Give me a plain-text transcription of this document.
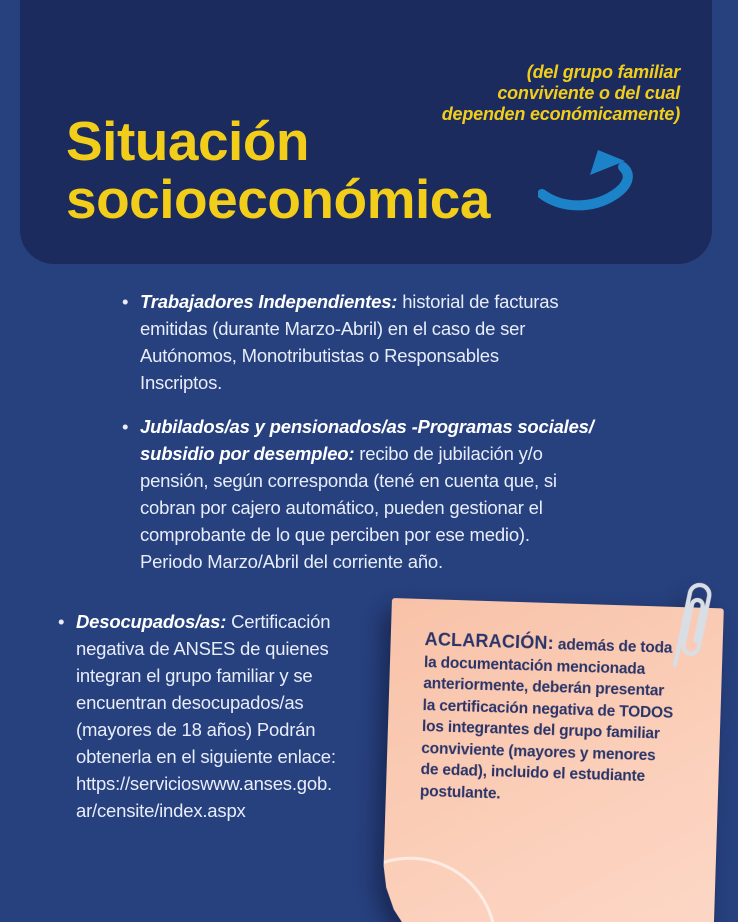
(del grupo familiar
conviviente o del cual
dependen económicamente)
Situación
socioeconómica
• Trabajadores Independientes: historial de facturas
emitidas (durante Marzo-Abril) en el caso de ser
Autónomos, Monotributistas o Responsables
Inscriptos.
• Jubilados/as y pensionados/as -Programas sociales/
subsidio por desempleo: recibo de jubilación y/o
pensión, según corresponda (tené en cuenta que, si
cobran por cajero automático, pueden gestionar el
comprobante de lo que perciben por ese medio).
Periodo Marzo/Abril del corriente año.
• Desocupados/as: Certificación
negativa de ANSES de quienes
integran el grupo familiar y se
encuentran desocupados/as
(mayores de 18 años) Podrán
obtenerla en el siguiente enlace:
https://servicioswww.anses.gob.
ar/censite/index.aspx
ACLARACIÓN: además de toda
la documentación mencionada
anteriormente, deberán presentar
la certificación negativa de TODOS
los integrantes del grupo familiar
conviviente (mayores y menores
de edad), incluido el estudiante
postulante.
